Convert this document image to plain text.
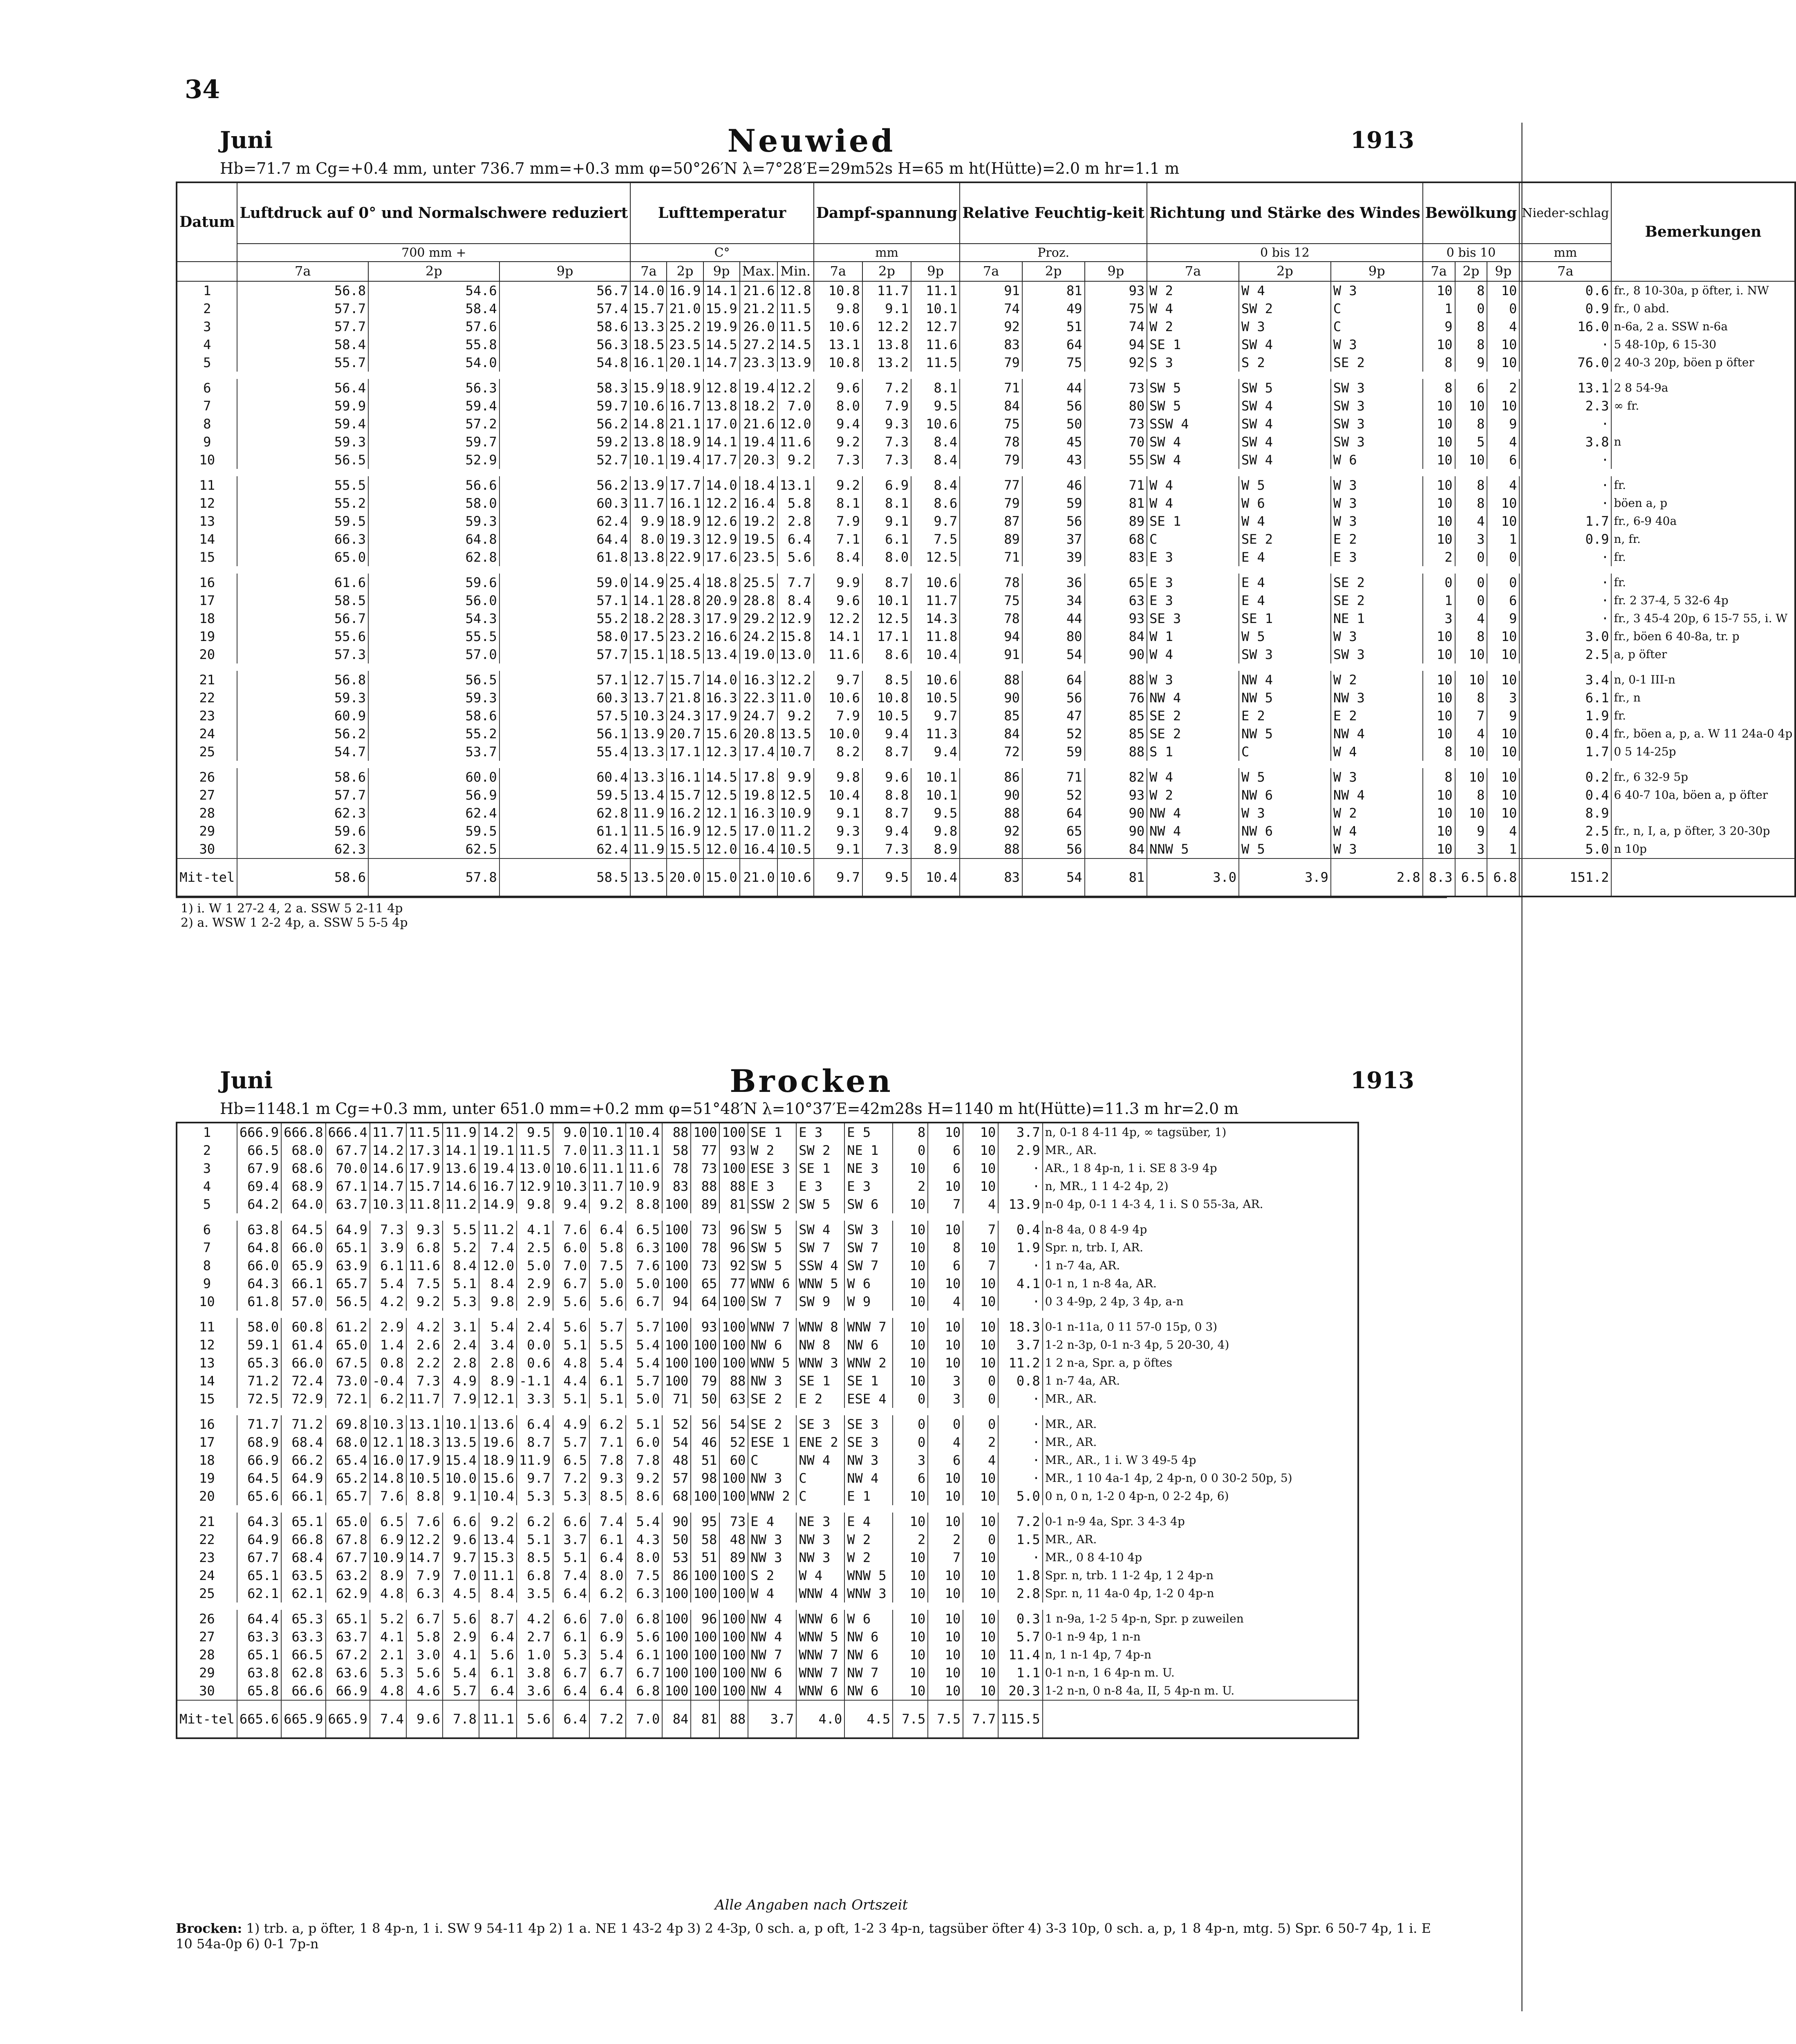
34
Juni	Neuwied	1913
Hb=71.7 m Cg=+0.4 mm, unter 736.7 mm=+0.3 mm φ=50°26′N λ=7°28′E=29m52s H=65 m ht(Hütte)=2.0 m hr=1.1 m
Datum	Luftdruck auf 0° und Normalschwere reduziert			Lufttemperatur					Dampf-spannung			Relative Feuchtig-keit			Richtung und Stärke des Windes			Bewölkung			Nieder-schlag	Bemerkungen
	700 mm +			C°					mm			Proz.			0 bis 12			0 bis 10			mm	
	7a	2p	9p	7a	2p	9p	Max.	Min.	7a	2p	9p	7a	2p	9p	7a	2p	9p	7a	2p	9p	7a	
1	56.8	54.6	56.7	14.0	16.9	14.1	21.6	12.8	10.8	11.7	11.1	91	81	93	W 2	W 4	W 3	10	8	10	0.6	fr., 8 10-30a, p öfter, i. NW
2	57.7	58.4	57.4	15.7	21.0	15.9	21.2	11.5	9.8	9.1	10.1	74	49	75	W 4	SW 2	C	1	0	0	0.9	fr., 0 abd.
3	57.7	57.6	58.6	13.3	25.2	19.9	26.0	11.5	10.6	12.2	12.7	92	51	74	W 2	W 3	C	9	8	4	16.0	n-6a, 2 a. SSW n-6a
4	58.4	55.8	56.3	18.5	23.5	14.5	27.2	14.5	13.1	13.8	11.6	83	64	94	SE 1	SW 4	W 3	10	8	10	·	5 48-10p, 6 15-30
5	55.7	54.0	54.8	16.1	20.1	14.7	23.3	13.9	10.8	13.2	11.5	79	75	92	S 3	S 2	SE 2	8	9	10	76.0	2 40-3 20p, böen p öfter

6	56.4	56.3	58.3	15.9	18.9	12.8	19.4	12.2	9.6	7.2	8.1	71	44	73	SW 5	SW 5	SW 3	8	6	2	13.1	2 8 54-9a
7	59.9	59.4	59.7	10.6	16.7	13.8	18.2	7.0	8.0	7.9	9.5	84	56	80	SW 5	SW 4	SW 3	10	10	10	2.3	∞ fr.
8	59.4	57.2	56.2	14.8	21.1	17.0	21.6	12.0	9.4	9.3	10.6	75	50	73	SSW 4	SW 4	SW 3	10	8	9	·	
9	59.3	59.7	59.2	13.8	18.9	14.1	19.4	11.6	9.2	7.3	8.4	78	45	70	SW 4	SW 4	SW 3	10	5	4	3.8	n
10	56.5	52.9	52.7	10.1	19.4	17.7	20.3	9.2	7.3	7.3	8.4	79	43	55	SW 4	SW 4	W 6	10	10	6	·	

11	55.5	56.6	56.2	13.9	17.7	14.0	18.4	13.1	9.2	6.9	8.4	77	46	71	W 4	W 5	W 3	10	8	4	·	fr.
12	55.2	58.0	60.3	11.7	16.1	12.2	16.4	5.8	8.1	8.1	8.6	79	59	81	W 4	W 6	W 3	10	8	10	·	böen a, p
13	59.5	59.3	62.4	9.9	18.9	12.6	19.2	2.8	7.9	9.1	9.7	87	56	89	SE 1	W 4	W 3	10	4	10	1.7	fr., 6-9 40a
14	66.3	64.8	64.4	8.0	19.3	12.9	19.5	6.4	7.1	6.1	7.5	89	37	68	C	SE 2	E 2	10	3	1	0.9	n, fr.
15	65.0	62.8	61.8	13.8	22.9	17.6	23.5	5.6	8.4	8.0	12.5	71	39	83	E 3	E 4	E 3	2	0	0	·	fr.

16	61.6	59.6	59.0	14.9	25.4	18.8	25.5	7.7	9.9	8.7	10.6	78	36	65	E 3	E 4	SE 2	0	0	0	·	fr.
17	58.5	56.0	57.1	14.1	28.8	20.9	28.8	8.4	9.6	10.1	11.7	75	34	63	E 3	E 4	SE 2	1	0	6	·	fr. 2 37-4, 5 32-6 4p
18	56.7	54.3	55.2	18.2	28.3	17.9	29.2	12.9	12.2	12.5	14.3	78	44	93	SE 3	SE 1	NE 1	3	4	9	·	fr., 3 45-4 20p, 6 15-7 55, i. W
19	55.6	55.5	58.0	17.5	23.2	16.6	24.2	15.8	14.1	17.1	11.8	94	80	84	W 1	W 5	W 3	10	8	10	3.0	fr., böen 6 40-8a, tr. p
20	57.3	57.0	57.7	15.1	18.5	13.4	19.0	13.0	11.6	8.6	10.4	91	54	90	W 4	SW 3	SW 3	10	10	10	2.5	a, p öfter

21	56.8	56.5	57.1	12.7	15.7	14.0	16.3	12.2	9.7	8.5	10.6	88	64	88	W 3	NW 4	W 2	10	10	10	3.4	n, 0-1 III-n
22	59.3	59.3	60.3	13.7	21.8	16.3	22.3	11.0	10.6	10.8	10.5	90	56	76	NW 4	NW 5	NW 3	10	8	3	6.1	fr., n
23	60.9	58.6	57.5	10.3	24.3	17.9	24.7	9.2	7.9	10.5	9.7	85	47	85	SE 2	E 2	E 2	10	7	9	1.9	fr.
24	56.2	55.2	56.1	13.9	20.7	15.6	20.8	13.5	10.0	9.4	11.3	84	52	85	SE 2	NW 5	NW 4	10	4	10	0.4	fr., böen a, p, a. W 11 24a-0 4p
25	54.7	53.7	55.4	13.3	17.1	12.3	17.4	10.7	8.2	8.7	9.4	72	59	88	S 1	C	W 4	8	10	10	1.7	0 5 14-25p

26	58.6	60.0	60.4	13.3	16.1	14.5	17.8	9.9	9.8	9.6	10.1	86	71	82	W 4	W 5	W 3	8	10	10	0.2	fr., 6 32-9 5p
27	57.7	56.9	59.5	13.4	15.7	12.5	19.8	12.5	10.4	8.8	10.1	90	52	93	W 2	NW 6	NW 4	10	8	10	0.4	6 40-7 10a, böen a, p öfter
28	62.3	62.4	62.8	11.9	16.2	12.1	16.3	10.9	9.1	8.7	9.5	88	64	90	NW 4	W 3	W 2	10	10	10	8.9	
29	59.6	59.5	61.1	11.5	16.9	12.5	17.0	11.2	9.3	9.4	9.8	92	65	90	NW 4	NW 6	W 4	10	9	4	2.5	fr., n, I, a, p öfter, 3 20-30p
30	62.3	62.5	62.4	11.9	15.5	12.0	16.4	10.5	9.1	7.3	8.9	88	56	84	NNW 5	W 5	W 3	10	3	1	5.0	n 10p
Mit-tel	58.6	57.8	58.5	13.5	20.0	15.0	21.0	10.6	9.7	9.5	10.4	83	54	81	3.0	3.9	2.8	8.3	6.5	6.8	151.2	
1) i. W 1 27-2 4, 2 a. SSW 5 2-11 4p
2) a. WSW 1 2-2 4p, a. SSW 5 5-5 4p
Juni	Brocken	1913
Hb=1148.1 m Cg=+0.3 mm, unter 651.0 mm=+0.2 mm φ=51°48′N λ=10°37′E=42m28s H=1140 m ht(Hütte)=11.3 m hr=2.0 m
1	666.9	666.8	666.4	11.7	11.5	11.9	14.2	9.5	9.0	10.1	10.4	88	100	100	SE 1	E 3	E 5	8	10	10	3.7	n, 0-1 8 4-11 4p, ∞ tagsüber, 1)
2	66.5	68.0	67.7	14.2	17.3	14.1	19.1	11.5	7.0	11.3	11.1	58	77	93	W 2	SW 2	NE 1	0	6	10	2.9	MR., AR.
3	67.9	68.6	70.0	14.6	17.9	13.6	19.4	13.0	10.6	11.1	11.6	78	73	100	ESE 3	SE 1	NE 3	10	6	10	·	AR., 1 8 4p-n, 1 i. SE 8 3-9 4p
4	69.4	68.9	67.1	14.7	15.7	14.6	16.7	12.9	10.3	11.7	10.9	83	88	88	E 3	E 3	E 3	2	10	10	·	n, MR., 1 1 4-2 4p, 2)
5	64.2	64.0	63.7	10.3	11.8	11.2	14.9	9.8	9.4	9.2	8.8	100	89	81	SSW 2	SW 5	SW 6	10	7	4	13.9	n-0 4p, 0-1 1 4-3 4, 1 i. S 0 55-3a, AR.

6	63.8	64.5	64.9	7.3	9.3	5.5	11.2	4.1	7.6	6.4	6.5	100	73	96	SW 5	SW 4	SW 3	10	10	7	0.4	n-8 4a, 0 8 4-9 4p
7	64.8	66.0	65.1	3.9	6.8	5.2	7.4	2.5	6.0	5.8	6.3	100	78	96	SW 5	SW 7	SW 7	10	8	10	1.9	Spr. n, trb. I, AR.
8	66.0	65.9	63.9	6.1	11.6	8.4	12.0	5.0	7.0	7.5	7.6	100	73	92	SW 5	SSW 4	SW 7	10	6	7	·	1 n-7 4a, AR.
9	64.3	66.1	65.7	5.4	7.5	5.1	8.4	2.9	6.7	5.0	5.0	100	65	77	WNW 6	WNW 5	W 6	10	10	10	4.1	0-1 n, 1 n-8 4a, AR.
10	61.8	57.0	56.5	4.2	9.2	5.3	9.8	2.9	5.6	5.6	6.7	94	64	100	SW 7	SW 9	W 9	10	4	10	·	0 3 4-9p, 2 4p, 3 4p, a-n

11	58.0	60.8	61.2	2.9	4.2	3.1	5.4	2.4	5.6	5.7	5.7	100	93	100	WNW 7	WNW 8	WNW 7	10	10	10	18.3	0-1 n-11a, 0 11 57-0 15p, 0 3)
12	59.1	61.4	65.0	1.4	2.6	2.4	3.4	0.0	5.1	5.5	5.4	100	100	100	NW 6	NW 8	NW 6	10	10	10	3.7	1-2 n-3p, 0-1 n-3 4p, 5 20-30, 4)
13	65.3	66.0	67.5	0.8	2.2	2.8	2.8	0.6	4.8	5.4	5.4	100	100	100	WNW 5	WNW 3	WNW 2	10	10	10	11.2	1 2 n-a, Spr. a, p öftes
14	71.2	72.4	73.0	-0.4	7.3	4.9	8.9	-1.1	4.4	6.1	5.7	100	79	88	NW 3	SE 1	SE 1	10	3	0	0.8	1 n-7 4a, AR.
15	72.5	72.9	72.1	6.2	11.7	7.9	12.1	3.3	5.1	5.1	5.0	71	50	63	SE 2	E 2	ESE 4	0	3	0	·	MR., AR.

16	71.7	71.2	69.8	10.3	13.1	10.1	13.6	6.4	4.9	6.2	5.1	52	56	54	SE 2	SE 3	SE 3	0	0	0	·	MR., AR.
17	68.9	68.4	68.0	12.1	18.3	13.5	19.6	8.7	5.7	7.1	6.0	54	46	52	ESE 1	ENE 2	SE 3	0	4	2	·	MR., AR.
18	66.9	66.2	65.4	16.0	17.9	15.4	18.9	11.9	6.5	7.8	7.8	48	51	60	C	NW 4	NW 3	3	6	4	·	MR., AR., 1 i. W 3 49-5 4p
19	64.5	64.9	65.2	14.8	10.5	10.0	15.6	9.7	7.2	9.3	9.2	57	98	100	NW 3	C	NW 4	6	10	10	·	MR., 1 10 4a-1 4p, 2 4p-n, 0 0 30-2 50p, 5)
20	65.6	66.1	65.7	7.6	8.8	9.1	10.4	5.3	5.3	8.5	8.6	68	100	100	WNW 2	C	E 1	10	10	10	5.0	0 n, 0 n, 1-2 0 4p-n, 0 2-2 4p, 6)

21	64.3	65.1	65.0	6.5	7.6	6.6	9.2	6.2	6.6	7.4	5.4	90	95	73	E 4	NE 3	E 4	10	10	10	7.2	0-1 n-9 4a, Spr. 3 4-3 4p
22	64.9	66.8	67.8	6.9	12.2	9.6	13.4	5.1	3.7	6.1	4.3	50	58	48	NW 3	NW 3	W 2	2	2	0	1.5	MR., AR.
23	67.7	68.4	67.7	10.9	14.7	9.7	15.3	8.5	5.1	6.4	8.0	53	51	89	NW 3	NW 3	W 2	10	7	10	·	MR., 0 8 4-10 4p
24	65.1	63.5	63.2	8.9	7.9	7.0	11.1	6.8	7.4	8.0	7.5	86	100	100	S 2	W 4	WNW 5	10	10	10	1.8	Spr. n, trb. 1 1-2 4p, 1 2 4p-n
25	62.1	62.1	62.9	4.8	6.3	4.5	8.4	3.5	6.4	6.2	6.3	100	100	100	W 4	WNW 4	WNW 3	10	10	10	2.8	Spr. n, 11 4a-0 4p, 1-2 0 4p-n

26	64.4	65.3	65.1	5.2	6.7	5.6	8.7	4.2	6.6	7.0	6.8	100	96	100	NW 4	WNW 6	W 6	10	10	10	0.3	1 n-9a, 1-2 5 4p-n, Spr. p zuweilen
27	63.3	63.3	63.7	4.1	5.8	2.9	6.4	2.7	6.1	6.9	5.6	100	100	100	NW 4	WNW 5	NW 6	10	10	10	5.7	0-1 n-9 4p, 1 n-n
28	65.1	66.5	67.2	2.1	3.0	4.1	5.6	1.0	5.3	5.4	6.1	100	100	100	NW 7	WNW 7	NW 6	10	10	10	11.4	n, 1 n-1 4p, 7 4p-n
29	63.8	62.8	63.6	5.3	5.6	5.4	6.1	3.8	6.7	6.7	6.7	100	100	100	NW 6	WNW 7	NW 7	10	10	10	1.1	0-1 n-n, 1 6 4p-n m. U.
30	65.8	66.6	66.9	4.8	4.6	5.7	6.4	3.6	6.4	6.4	6.8	100	100	100	NW 4	WNW 6	NW 6	10	10	10	20.3	1-2 n-n, 0 n-8 4a, II, 5 4p-n m. U.
Mit-tel	665.6	665.9	665.9	7.4	9.6	7.8	11.1	5.6	6.4	7.2	7.0	84	81	88	3.7	4.0	4.5	7.5	7.5	7.7	115.5	
Alle Angaben nach Ortszeit
Brocken: 1) trb. a, p öfter, 1 8 4p-n, 1 i. SW 9 54-11 4p 2) 1 a. NE 1 43-2 4p 3) 2 4-3p, 0 sch. a, p oft, 1-2 3 4p-n, tagsüber öfter 4) 3-3 10p, 0 sch. a, p, 1 8 4p-n, mtg. 5) Spr. 6 50-7 4p, 1 i. E 10 54a-0p 6) 0-1 7p-n
